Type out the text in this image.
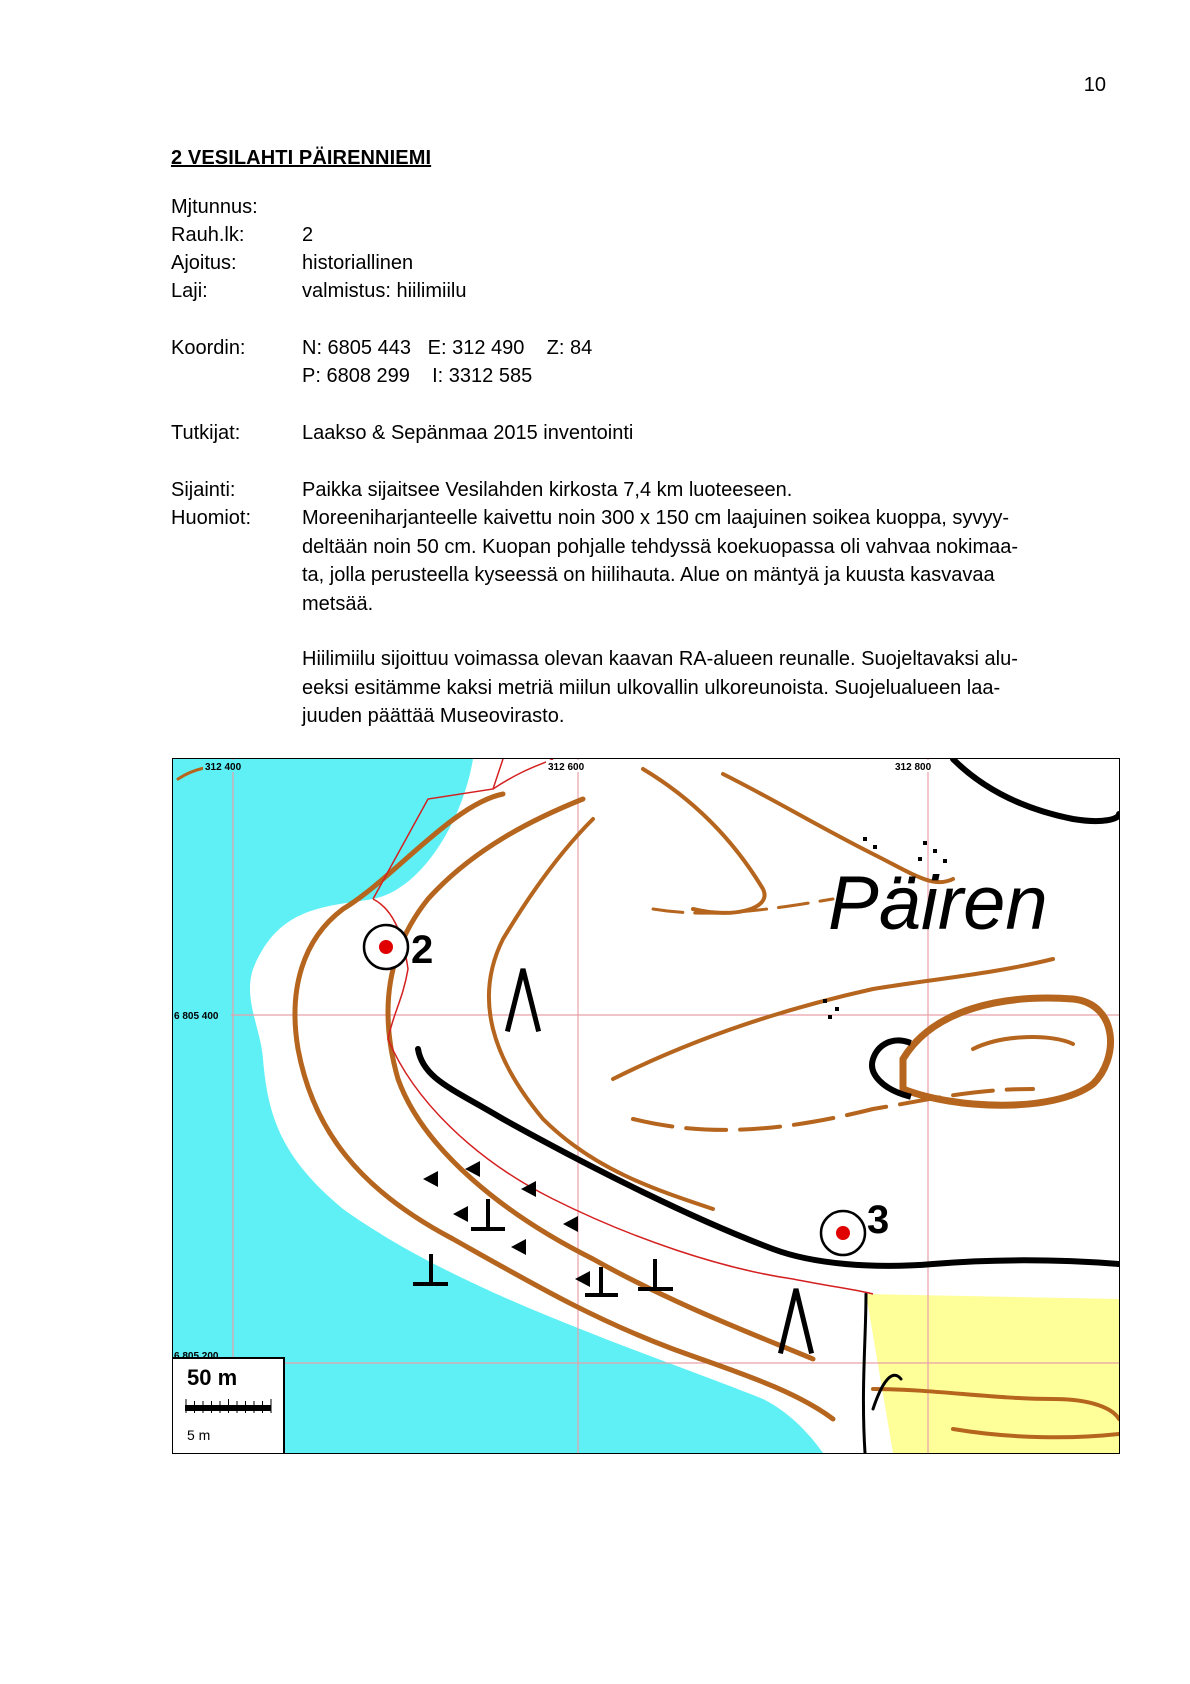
10
2 VESILAHTI PÄIRENNIEMI
Mjtunnus:
Rauh.lk:	2
Ajoitus:	historiallinen
Laji:	valmistus: hiilimiilu
Koordin:	N: 6805 443   E: 312 490    Z: 84
P: 6808 299    I: 3312 585
Tutkijat:	Laakso & Sepänmaa 2015 inventointi
Sijainti:	Paikka sijaitsee Vesilahden kirkosta 7,4 km luoteeseen.
Huomiot:	Moreeniharjanteelle kaivettu noin 300 x 150 cm laajuinen soikea kuoppa, syvyy-

deltään noin 50 cm. Kuopan pohjalle tehdyssä koekuopassa oli vahvaa nokimaa-

ta, jolla perusteella kyseessä on hiilihauta. Alue on mäntyä ja kuusta kasvavaa

metsää.

Hiilimiilu sijoittuu voimassa olevan kaavan RA-alueen reunalle. Suojeltavaksi alu-

eeksi esitämme kaksi metriä miilun ulkovallin ulkoreunoista. Suojelualueen laa-

juuden päättää Museovirasto.

Päiren
2
3
312 400	312 600	312 800
6 805 400
50 m
5 m
